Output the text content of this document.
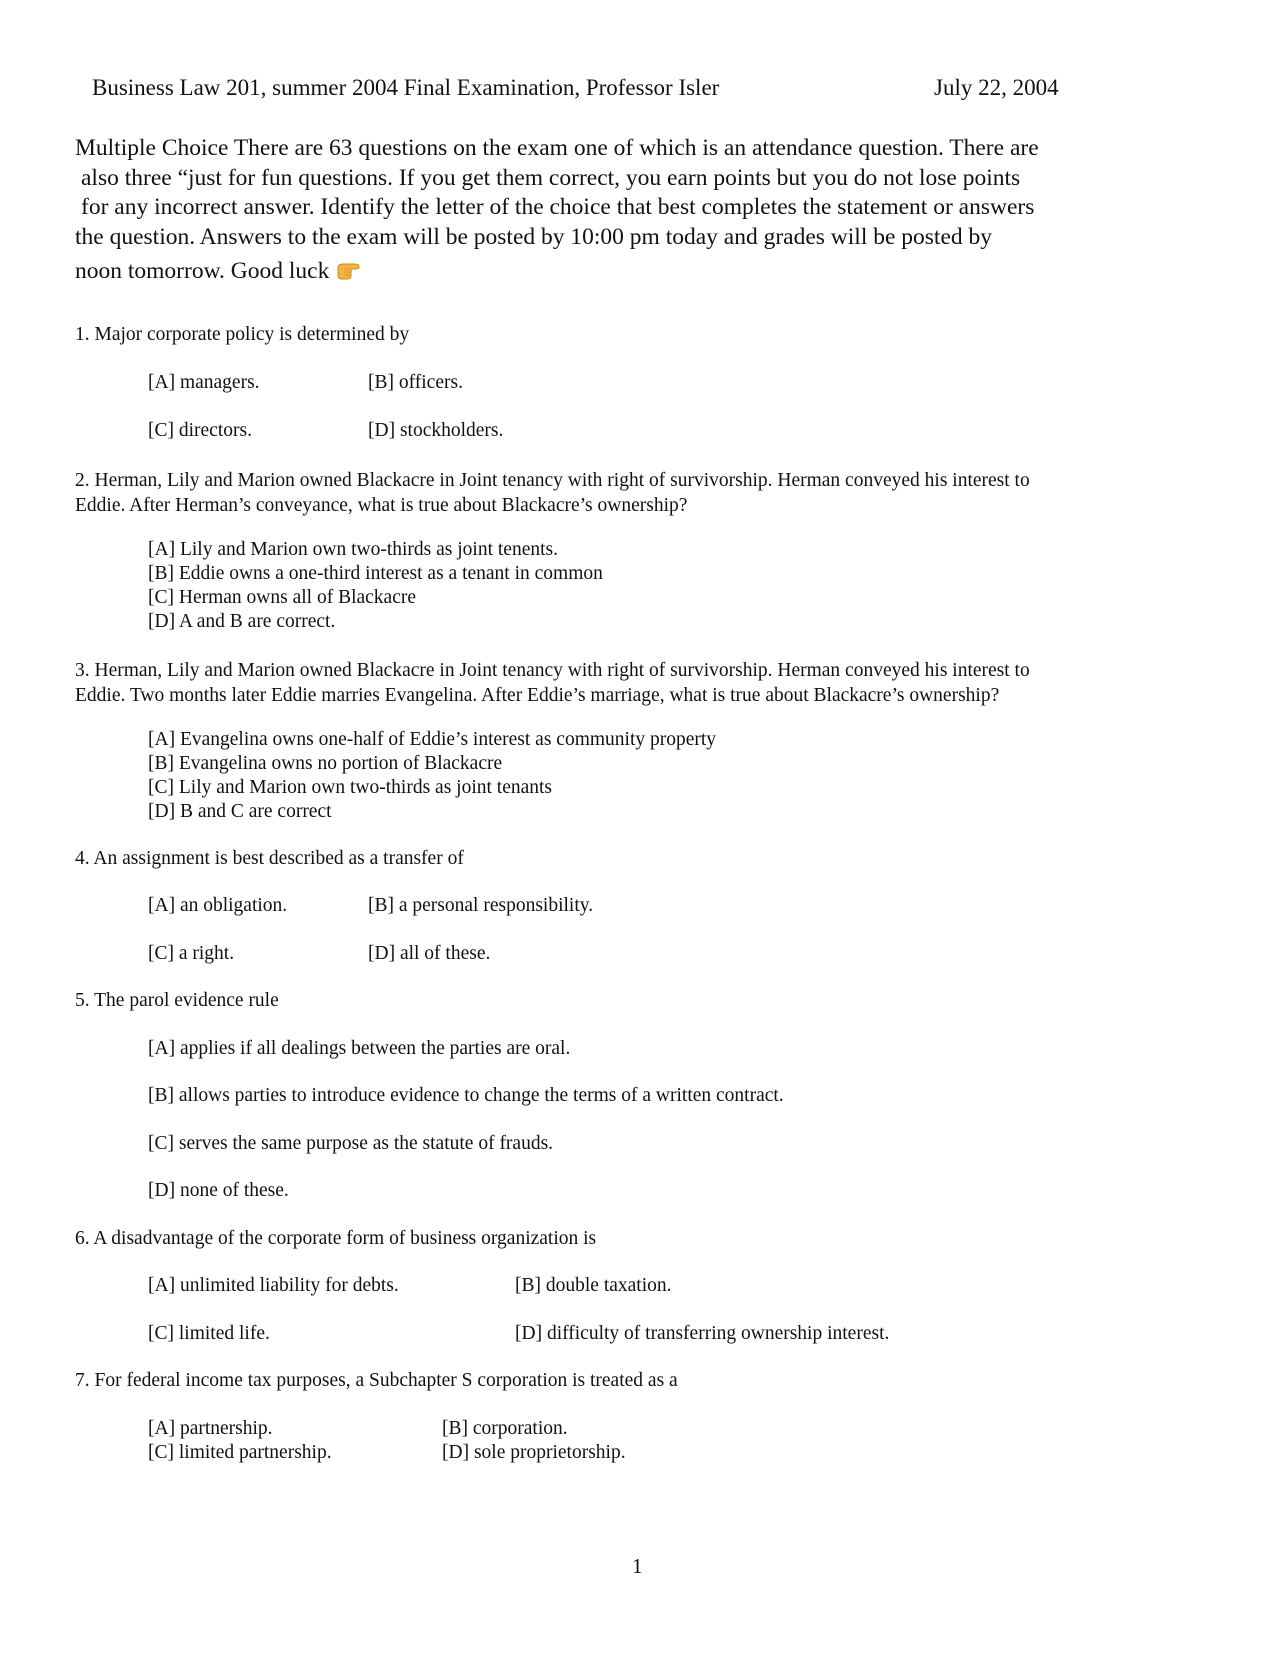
Business Law 201, summer 2004 Final Examination, Professor Isler	July 22, 2004
Multiple Choice There are 63 questions on the exam one of which is an attendance question. There are
also three “just for fun questions. If you get them correct, you earn points but you do not lose points
for any incorrect answer. Identify the letter of the choice that best completes the statement or answers
the question. Answers to the exam will be posted by 10:00 pm today and grades will be posted by
noon tomorrow. Good luck
1. Major corporate policy is determined by
[A] managers.	[B] officers.
[C] directors.	[D] stockholders.
2. Herman, Lily and Marion owned Blackacre in Joint tenancy with right of survivorship. Herman conveyed his interest to
Eddie. After Herman’s conveyance, what is true about Blackacre’s ownership?
[A] Lily and Marion own two-thirds as joint tenents.
[B] Eddie owns a one-third interest as a tenant in common
[C] Herman owns all of Blackacre
[D] A and B are correct.
3. Herman, Lily and Marion owned Blackacre in Joint tenancy with right of survivorship. Herman conveyed his interest to
Eddie. Two months later Eddie marries Evangelina. After Eddie’s marriage, what is true about Blackacre’s ownership?
[A] Evangelina owns one-half of Eddie’s interest as community property
[B] Evangelina owns no portion of Blackacre
[C] Lily and Marion own two-thirds as joint tenants
[D] B and C are correct
4. An assignment is best described as a transfer of
[A] an obligation.	[B] a personal responsibility.
[C] a right.	[D] all of these.
5. The parol evidence rule
[A] applies if all dealings between the parties are oral.
[B] allows parties to introduce evidence to change the terms of a written contract.
[C] serves the same purpose as the statute of frauds.
[D] none of these.
6. A disadvantage of the corporate form of business organization is
[A] unlimited liability for debts.	[B] double taxation.
[C] limited life.	[D] difficulty of transferring ownership interest.
7. For federal income tax purposes, a Subchapter S corporation is treated as a
[A] partnership.	[B] corporation.
[C] limited partnership.	[D] sole proprietorship.
1
